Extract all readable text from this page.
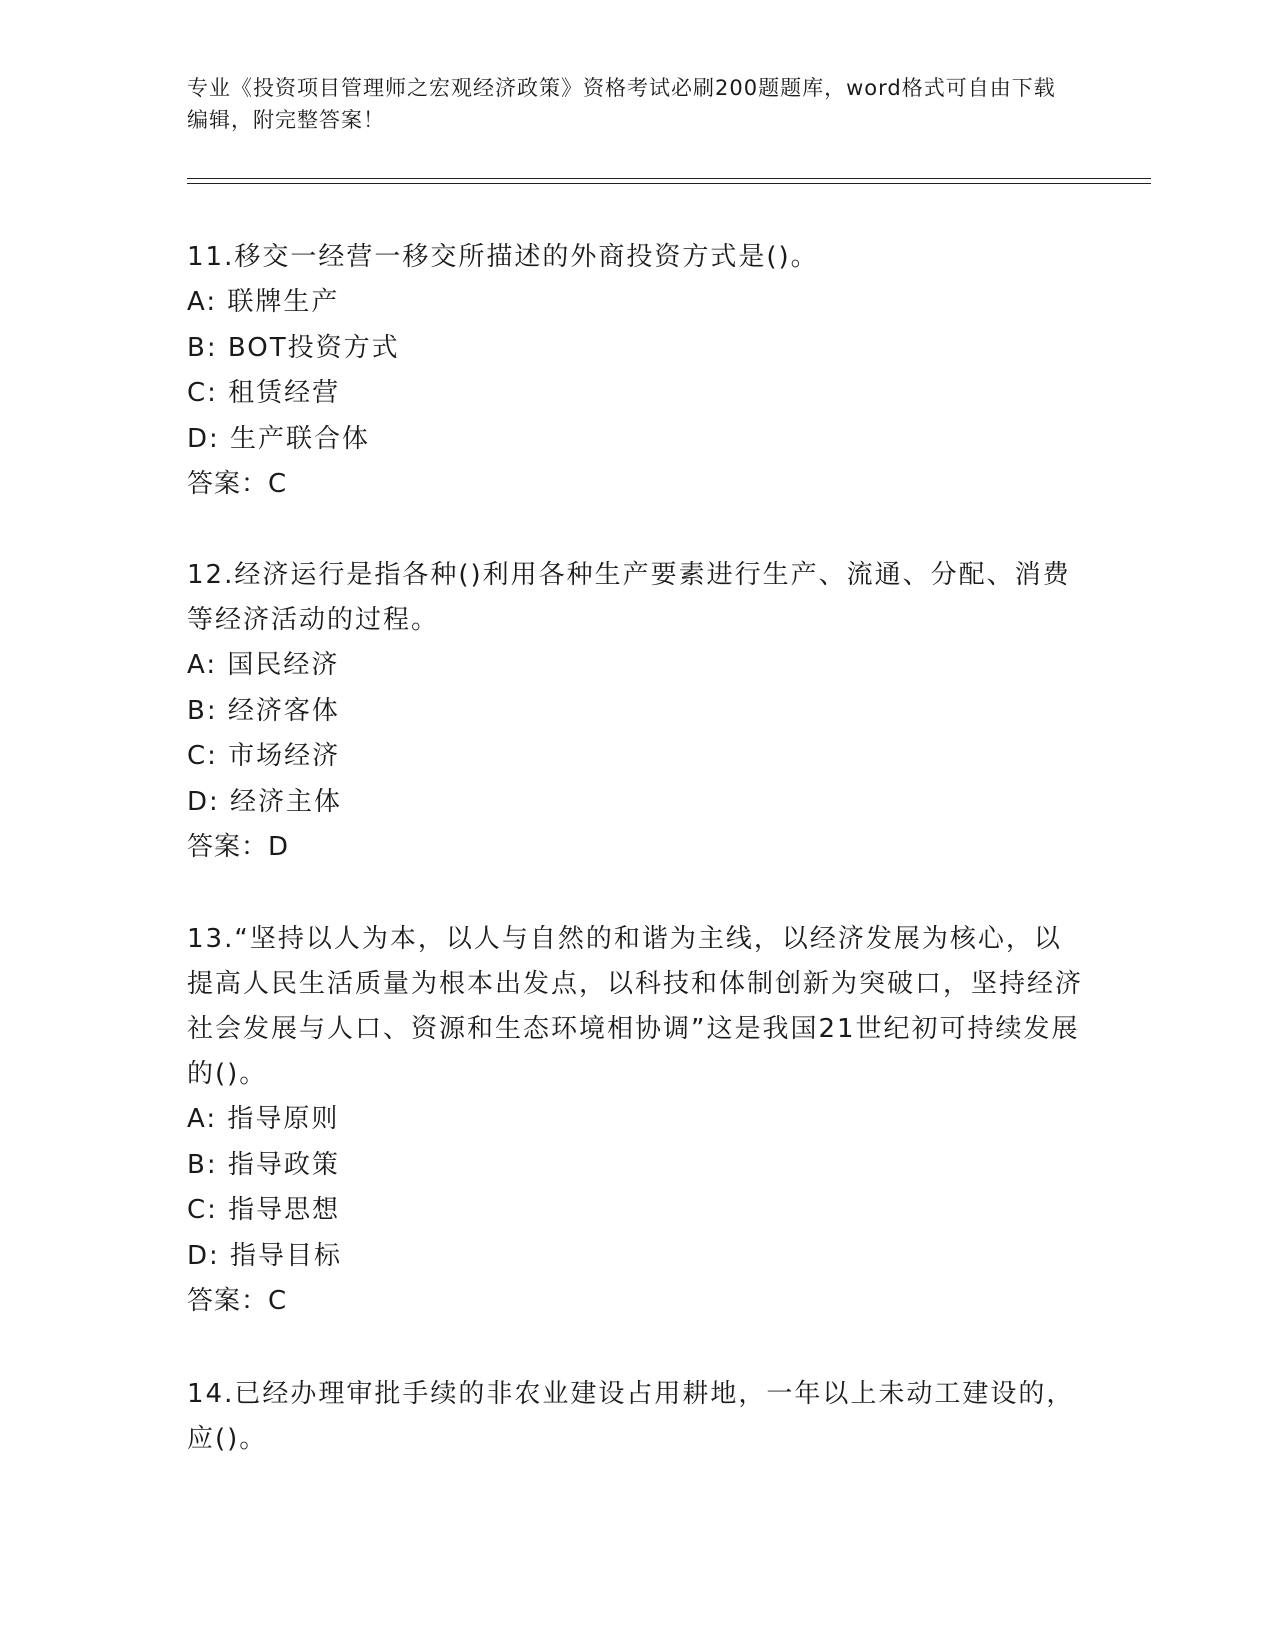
专业《投资项目管理师之宏观经济政策》资格考试必刷200题题库，word格式可自由下载编辑，附完整答案！
11.移交一经营一移交所描述的外商投资方式是()。
A: 联牌生产
B: BOT投资方式
C: 租赁经营
D: 生产联合体
答案：C
12.经济运行是指各种()利用各种生产要素进行生产、流通、分配、消费等经济活动的过程。
A: 国民经济
B: 经济客体
C: 市场经济
D: 经济主体
答案：D
13.“坚持以人为本，以人与自然的和谐为主线，以经济发展为核心，以提高人民生活质量为根本出发点，以科技和体制创新为突破口，坚持经济社会发展与人口、资源和生态环境相协调”这是我国21世纪初可持续发展的()。
A: 指导原则
B: 指导政策
C: 指导思想
D: 指导目标
答案：C
14.已经办理审批手续的非农业建设占用耕地，一年以上未动工建设的，应()。
